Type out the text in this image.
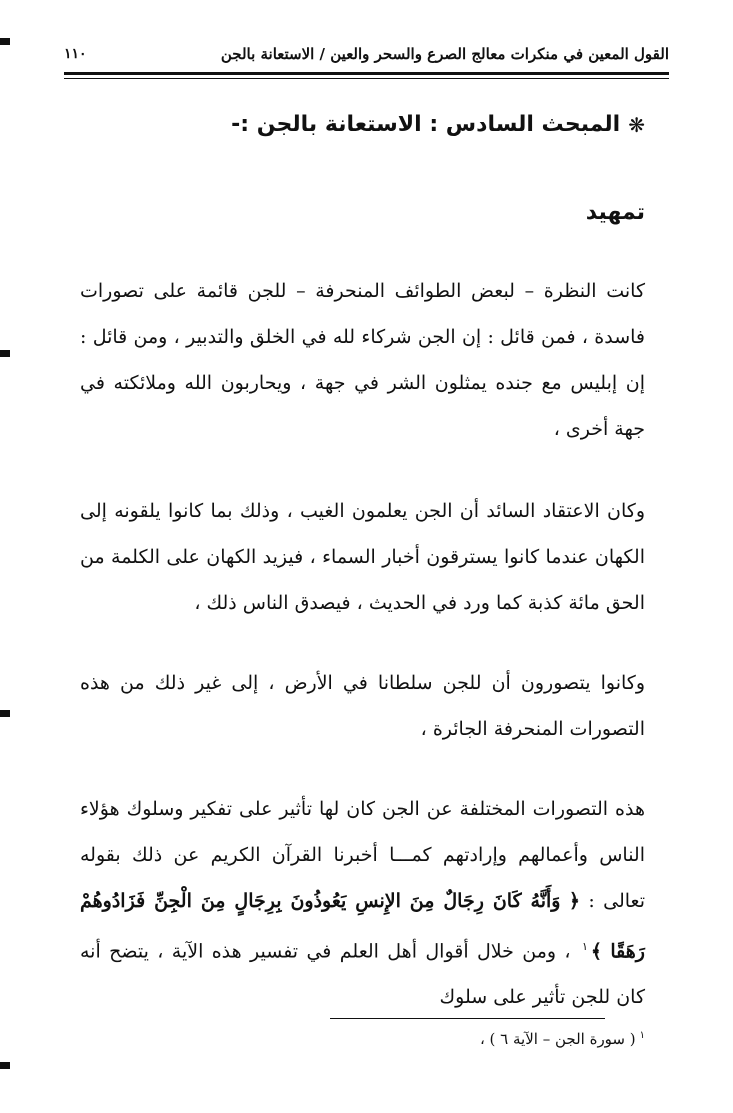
القول المعين في منكرات معالج الصرع والسحر والعين / الاستعانة بالجن
١١٠
❋
المبحث السادس : الاستعانة بالجن :-
تمهيد

كانت النظرة – لبعض الطوائف المنحرفة – للجن قائمة على تصورات فاسدة ، فمن قائل : إن الجن شركاء لله في الخلق والتدبير ، ومن قائل : إن إبليس مع جنده يمثلون الشر في جهة ، ويحاربون الله وملائكته في جهة أخرى ،

وكان الاعتقاد السائد أن الجن يعلمون الغيب ، وذلك بما كانوا يلقونه إلى الكهان عندما كانوا يسترقون أخبار السماء ، فيزيد الكهان على الكلمة من الحق مائة كذبة كما ورد في الحديث ، فيصدق الناس ذلك ،

وكانوا يتصورون أن للجن سلطانا في الأرض ، إلى غير ذلك من هذه التصورات المنحرفة الجائرة ،

هذه التصورات المختلفة عن الجن كان لها تأثير على تفكير وسلوك هؤلاء الناس وأعمالهم وإرادتهم كمـــا أخبرنا القرآن الكريم عن ذلك بقوله تعالى : ﴿ وَأَنَّهُ كَانَ رِجَالٌ مِنَ الإِنسِ يَعُوذُونَ بِرِجَالٍ مِنَ الْجِنِّ فَزَادُوهُمْ رَهَقًا ﴾$^١$ ، ومن خلال أقوال أهل العلم في تفسير هذه الآية ، يتضح أنه كان للجن تأثير على سلوك

$^١$( سورة الجن – الآية ٦ ) ،
